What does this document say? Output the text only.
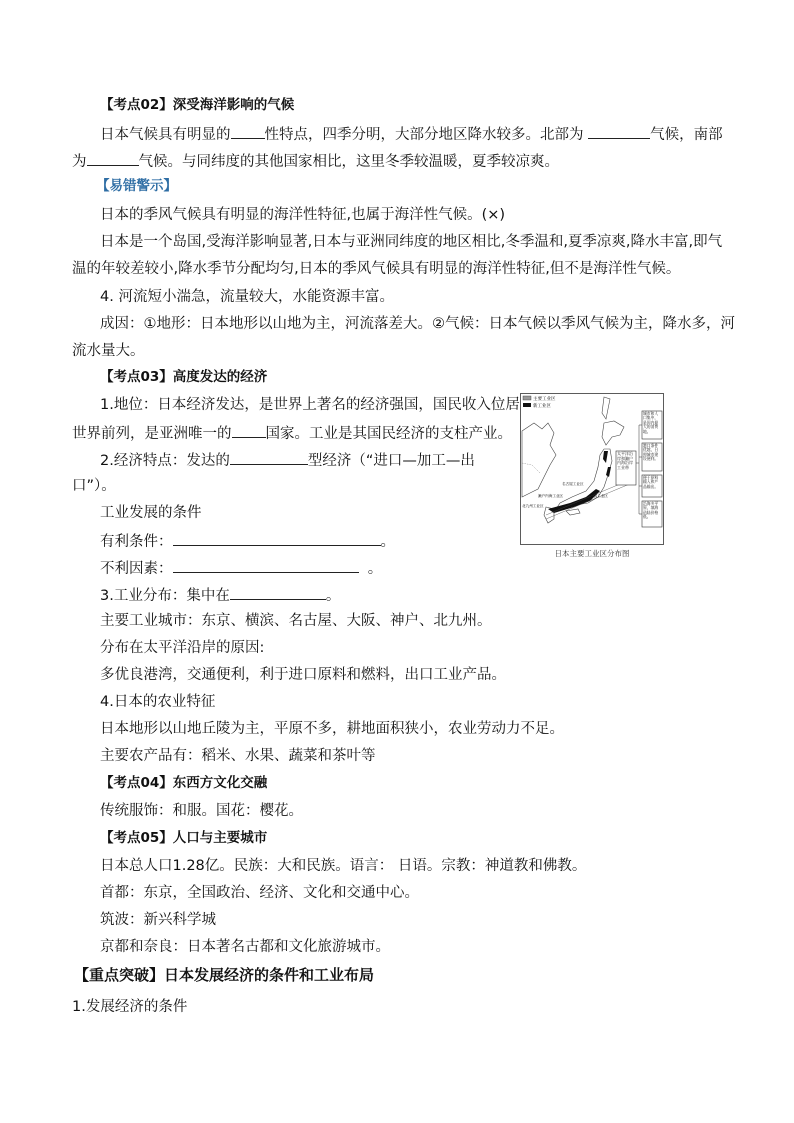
【考点02】深受海洋影响的气候
日本气候具有明显的 性特点，四季分明，大部分地区降水较多。北部为	气候，南部
为	气候。与同纬度的其他国家相比，这里冬季较温暖，夏季较凉爽。
【易错警示】
日本的季风气候具有明显的海洋性特征,也属于海洋性气候。(×)
日本是一个岛国,受海洋影响显著,日本与亚洲同纬度的地区相比,冬季温和,夏季凉爽,降水丰富,即气
温的年较差较小,降水季节分配均匀,日本的季风气候具有明显的海洋性特征,但不是海洋性气候。
4. 河流短小湍急，流量较大，水能资源丰富。
成因：①地形：日本地形以山地为主，河流落差大。②气候：日本气候以季风气候为主，降水多，河
流水量大。
【考点03】高度发达的经济
1.地位：日本经济发达，是世界上著名的经济强国，国民收入位居
世界前列，是亚洲唯一的 国家。工业是其国民经济的支柱产业。
2.经济特点：发达的	型经济（“进口—加工—出
口”）。
工业发展的条件
有利条件：	。
不利因素：	。
3.工业分布：集中在	。
主要工业城市：东京、横滨、名古屋、大阪、神户、北九州。
分布在太平洋沿岸的原因:
多优良港湾，交通便利，利于进口原料和燃料，出口工业产品。
4.日本的农业特征
日本地形以山地丘陵为主，平原不多，耕地面积狭小，农业劳动力不足。
主要农产品有：稻米、水果、蔬菜和茶叶等
【考点04】东西方文化交融
传统服饰：和服。国花：樱花。
【考点05】人口与主要城市
日本总人口1.28亿。民族：大和民族。语言： 日语。宗教：神道教和佛教。
首都：东京，全国政治、经济、文化和交通中心。
筑波：新兴科学城
京都和奈良：日本著名古都和文化旅游城市。
【重点突破】日本发展经济的条件和工业布局
1.发展经济的条件
主要工业区
新工业区
濑户内海工业区
名古屋工业区
京滨工业区
北九州工业区
太平洋沿岸和濑户内海沿岸工业带
城市和人口集中，是国内最大的消费地。
港口条件优越，日照城市建设便利。
便于原料输入和产品输出。
沿海多平原，填海造陆价格低。
日本主要工业区分布图
